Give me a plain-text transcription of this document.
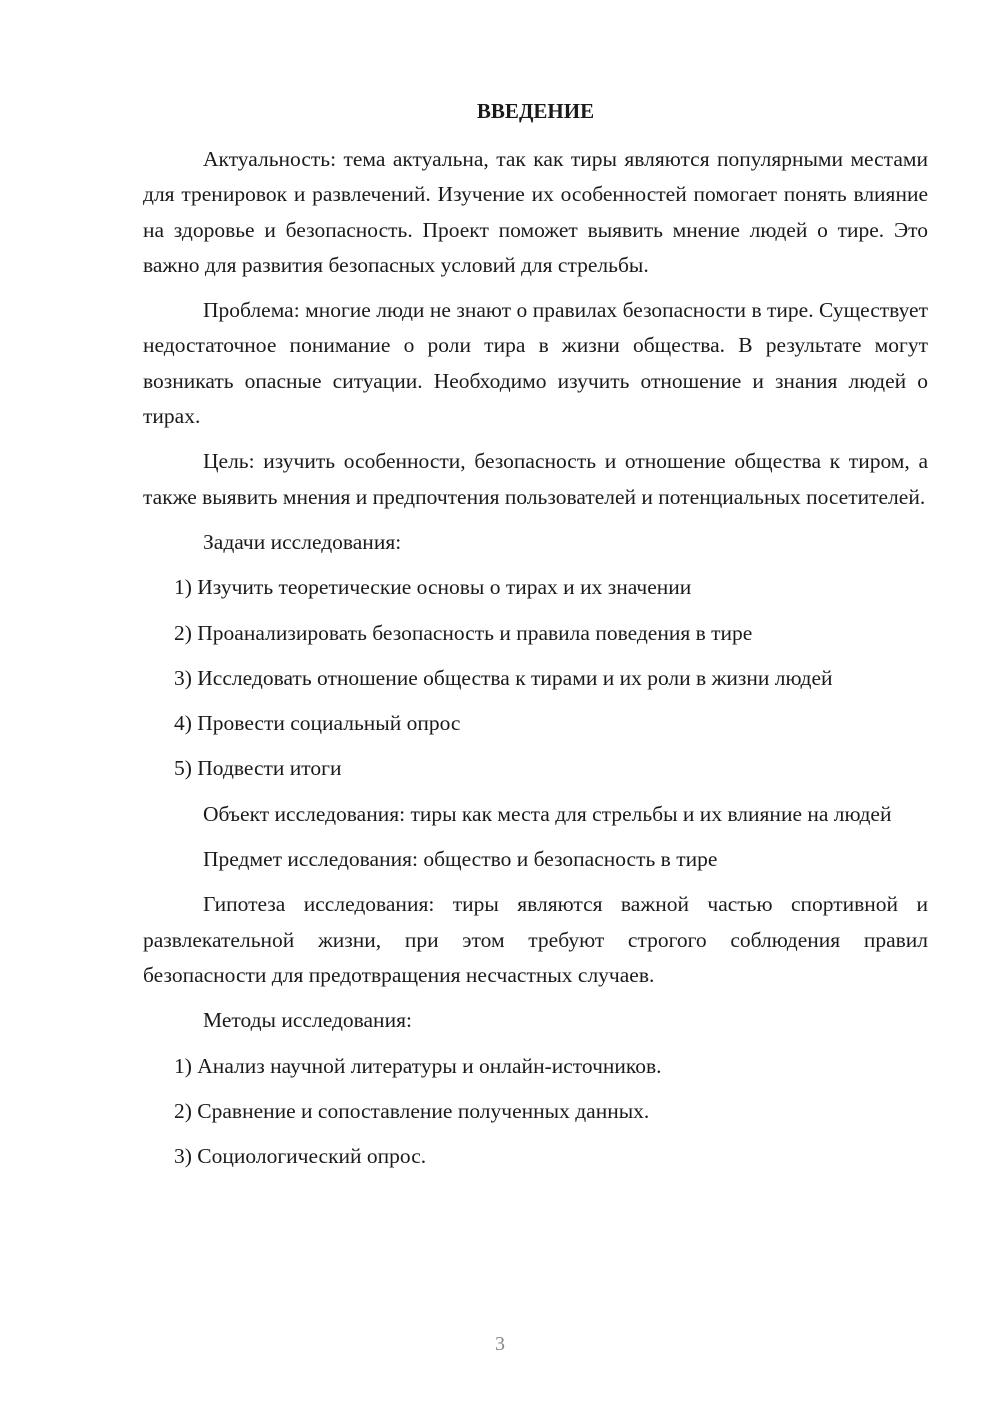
ВВЕДЕНИЕ

Актуальность: тема актуальна, так как тиры являются популярными местами для тренировок и развлечений. Изучение их особенностей помогает понять влияние на здоровье и безопасность. Проект поможет выявить мнение людей о тире. Это важно для развития безопасных условий для стрельбы.

Проблема: многие люди не знают о правилах безопасности в тире. Существует недостаточное понимание о роли тира в жизни общества. В результате могут возникать опасные ситуации. Необходимо изучить отношение и знания людей о тирах.

Цель: изучить особенности, безопасность и отношение общества к тиром, а также выявить мнения и предпочтения пользователей и потенциальных посетителей.

Задачи исследования:

1) Изучить теоретические основы о тирах и их значении

2) Проанализировать безопасность и правила поведения в тире

3) Исследовать отношение общества к тирами и их роли в жизни людей

4) Провести социальный опрос

5) Подвести итоги

Объект исследования: тиры как места для стрельбы и их влияние на людей

Предмет исследования: общество и безопасность в тире

Гипотеза исследования: тиры являются важной частью спортивной и развлекательной жизни, при этом требуют строгого соблюдения правил безопасности для предотвращения несчастных случаев.

Методы исследования:

1) Анализ научной литературы и онлайн-источников.

2) Сравнение и сопоставление полученных данных.

3) Социологический опрос.

3
